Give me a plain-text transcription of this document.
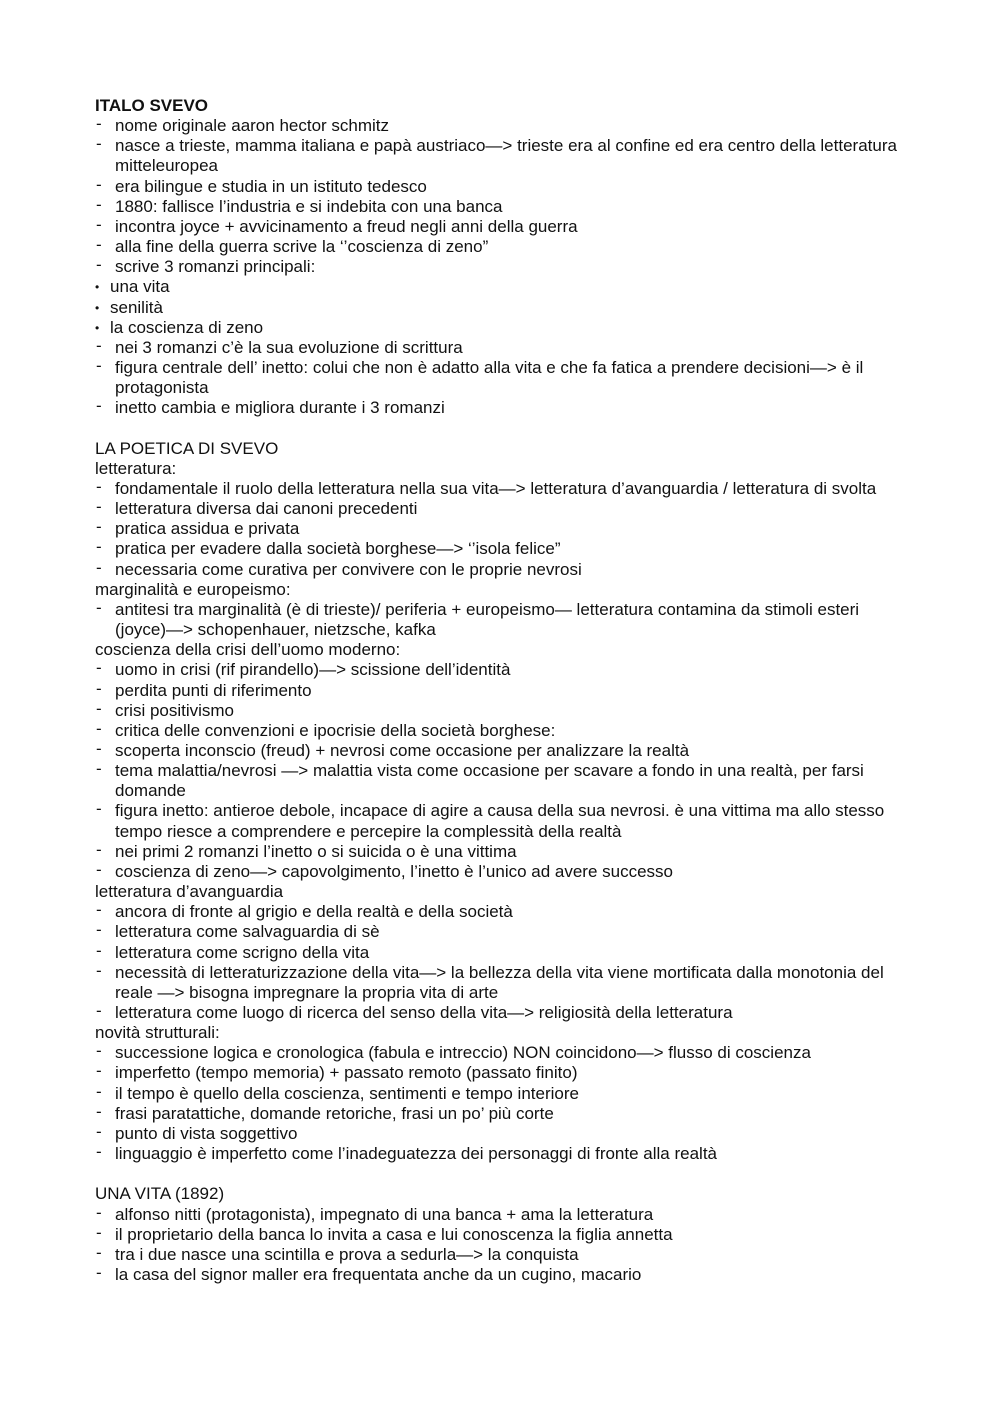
ITALO SVEVO
- nome originale aaron hector schmitz
- nasce a trieste, mamma italiana e papà austriaco—> trieste era al confine ed era centro della letteratura mitteleuropea
- era bilingue e studia in un istituto tedesco
- 1880: fallisce l’industria e si indebita con una banca
- incontra joyce + avvicinamento a freud negli anni della guerra
- alla fine della guerra scrive la ‘’coscienza di zeno”
- scrive 3 romanzi principali:
• una vita
• senilità
• la coscienza di zeno
- nei 3 romanzi c’è la sua evoluzione di scrittura
- figura centrale dell’ inetto: colui che non è adatto alla vita e che fa fatica a prendere decisioni—> è il protagonista
- inetto cambia e migliora durante i 3 romanzi
LA POETICA DI SVEVO
letteratura:
- fondamentale il ruolo della letteratura nella sua vita—> letteratura d’avanguardia / letteratura di svolta
- letteratura diversa dai canoni precedenti
- pratica assidua e privata
- pratica per evadere dalla società borghese—> ‘’isola felice”
- necessaria come curativa per convivere con le proprie nevrosi
marginalità e europeismo:
- antitesi tra marginalità (è di trieste)/ periferia + europeismo— letteratura contamina da stimoli esteri (joyce)—> schopenhauer, nietzsche, kafka
coscienza della crisi dell’uomo moderno:
- uomo in crisi (rif pirandello)—> scissione dell’identità
- perdita punti di riferimento
- crisi positivismo
- critica delle convenzioni e ipocrisie della società borghese:
- scoperta inconscio (freud) + nevrosi come occasione per analizzare la realtà
- tema malattia/nevrosi —> malattia vista come occasione per scavare a fondo in una realtà, per farsi domande
- figura inetto: antieroe debole, incapace di agire a causa della sua nevrosi. è una vittima ma allo stesso tempo riesce a comprendere e percepire la complessità della realtà
- nei primi 2 romanzi l’inetto o si suicida o è una vittima
- coscienza di zeno—> capovolgimento, l’inetto è l’unico ad avere successo
letteratura d’avanguardia
- ancora di fronte al grigio e della realtà e della società
- letteratura come salvaguardia di sè
- letteratura come scrigno della vita
- necessità di letteraturizzazione della vita—> la bellezza della vita viene mortificata dalla monotonia del reale —> bisogna impregnare la propria vita di arte
- letteratura come luogo di ricerca del senso della vita—> religiosità della letteratura
novità strutturali:
- successione logica e cronologica (fabula e intreccio) NON coincidono—> flusso di coscienza
- imperfetto (tempo memoria) + passato remoto (passato finito)
- il tempo è quello della coscienza, sentimenti e tempo interiore
- frasi paratattiche, domande retoriche, frasi un po’ più corte
- punto di vista soggettivo
- linguaggio è imperfetto come l’inadeguatezza dei personaggi di fronte alla realtà
UNA VITA (1892)
- alfonso nitti (protagonista), impegnato di una banca + ama la letteratura
- il proprietario della banca lo invita a casa e lui conoscenza la figlia annetta
- tra i due nasce una scintilla e prova a sedurla—> la conquista
- la casa del signor maller era frequentata anche da un cugino, macario
